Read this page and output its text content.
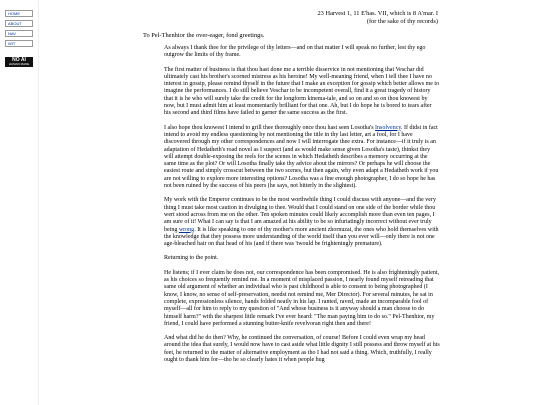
HOME
ABOUT
NAV
WIT
NO AI
HUMAN MADE
23 Harvest 1, 11 E'has. VII, which is 8 A'mar. I
(for the sake of thy records)
To Pel-Thenhior the over-eager, fond greetings.

As always I thank thee for the privilege of thy letters—and on that matter I will speak no further, lest thy ego outgrow the limits of thy frame.

The first matter of business is that thou hast done me a terrible disservice in not mentioning that Veschar did ultimately cast his brother's scorned mistress as his heroine! My well-meaning friend, when I tell thee I have no interest in gossip, please remind thyself in the future that I make an exception for gossip which better allows me to imagine the performances. I do still believe Veschar to be incompetent overall, find it a great tragedy of history that it is he who will surely take the credit for the longform kinema-tale, and so on and so on thou knowest by now, but I must admit him at least momentarily brilliant for that one. Ah, but I do hope he is bored to tears after his second and third films have failed to garner the same success as the first.

I also hope thou knowest I intend to grill thee thoroughly once thou hast seen Losotha's Insolvency. If didst in fact intend to avoid my endless questioning by not mentioning the title in thy last letter, art a fool, for I have discovered through my other correspondences and now I will interrogate thee extra. For instance—if it truly is an adaptation of Hedatheth's road novel as I suspect (and as would make sense given Losotha's taste), thinkst they will attempt double-exposing the reels for the scenes in which Hedatheth describes a memory occurring at the same time as the plot? Or will Losotha finally take thy advice about the mirrors? Or perhaps he will choose the easiest route and simply crosscut between the two scenes, but then again, why even adapt a Hedatheth work if you are not willing to explore more interesting options? Losotha was a fine enough photographer, I do so hope he has not been ruined by the success of his peers (he says, not bitterly in the slightest).

My work with the Emperor continues to be the most worthwhile thing I could discuss with anyone—and the very thing I must take most caution in divulging to thee. Would that I could stand on one side of the border while thou wert stood across from me on the other. Ten spoken minutes could likely accomplish more than even ten pages, I am sure of it! What I can say is that I am amazed at his ability to be so infuriatingly incorrect without ever truly being wrong. It is like speaking to one of thy mother's more ancient zhornuzai, the ones who hold themselves with the knowledge that they possess more understanding of the world itself than you ever will—only there is not one age-bleached hair on that head of his (and if there was 'twould be frighteningly premature).

Returning to the point.

He listens; if I ever claim he does not, our correspondence has been compromised. He is also frighteningly patient, as his choices so frequently remind me. In a moment of misplaced passion, I nearly found myself retreading that same old argument of whether an individual who is past childhood is able to consent to being photographed (I know, I know, no sense of self-preservation, needst not remind me, Mer Director). For several minutes, he sat in complete, expressionless silence, hands folded neatly in his lap. I ranted, raved, made an incomparable fool of myself—all for him to reply to my question of "And whose business is it anyway should a man choose to do himself harm?" with the sharpest little remark I've ever heard: "The man paying him to do so." Pel-Thenhior, my friend, I could have performed a stunning butter-knife revelvoran right then and there!

And what did he do then? Why, he continued the conversation, of course! Before I could even wrap my head around the idea that surely, I would now have to cast aside what little dignity I still possess and throw myself at his feet, he returned to the matter of alternative employment as tho I had not said a thing. Which, truthfully, I really ought to thank him for—tho he so clearly hates it when people hug
